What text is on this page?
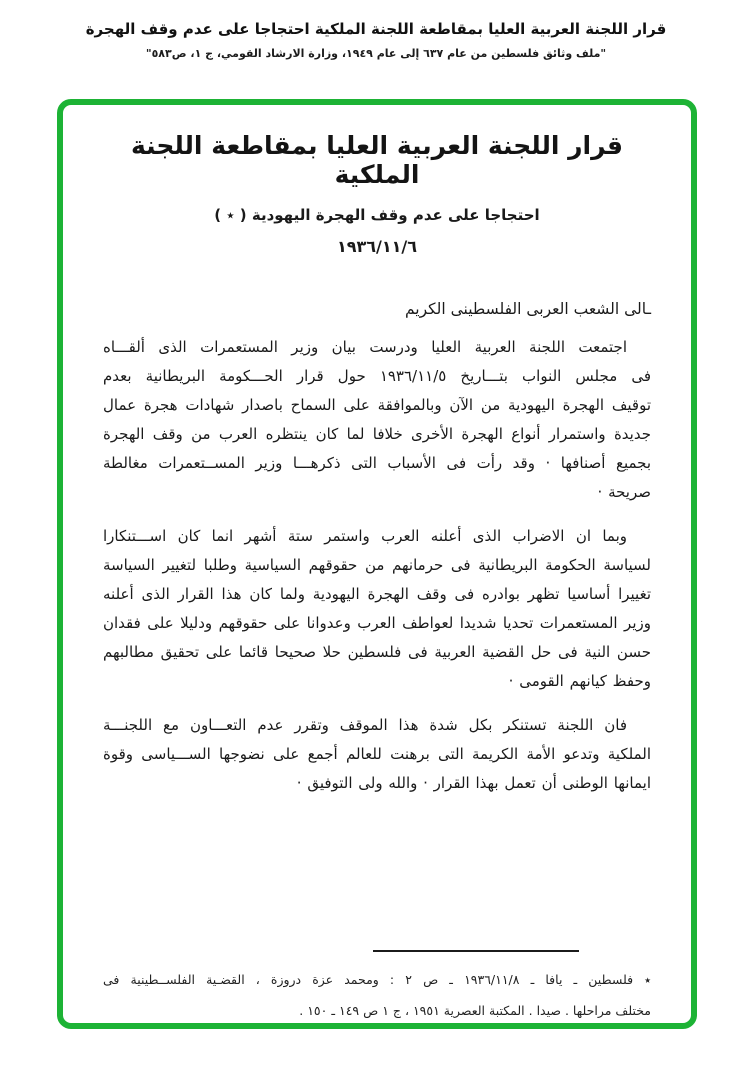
قرار اللجنة العربية العليا بمقاطعة اللجنة الملكية احتجاجا على عدم وقف الهجرة
"ملف وثائق فلسطين من عام ٦٣٧ إلى عام ١٩٤٩، وزارة الارشاد القومي، ج ١، ص٥٨٣"
قرار اللجنة العربية العليا بمقاطعة اللجنة الملكية
احتجاجا على عدم وقف الهجرة اليهودية ( ٭ )
١٩٣٦/١١/٦
ـالى الشعب العربى الفلسطينى الكريم
اجتمعت اللجنة العربية العليا ودرست بيان وزير المستعمرات الذى ألقـــاه
فى مجلس النواب بتـــاريخ ١٩٣٦/١١/٥ حول قرار الحـــكومة البريطانية بعدم
توقيف الهجرة اليهودية من الآن وبالموافقة على السماح باصدار شهادات هجرة عمال
جديدة واستمرار أنواع الهجرة الأخرى خلافا لما كان ينتظره العرب من وقف الهجرة
بجميع أصنافها · وقد رأت فى الأسباب التى ذكرهـــا وزير المســتعمرات مغالطة
صريحة ·
وبما ان الاضراب الذى أعلنه العرب واستمر ستة أشهر انما كان اســـتنكارا
لسياسة الحكومة البريطانية فى حرمانهم من حقوقهم السياسية وطلبا لتغيير السياسة
تغييرا أساسيا تظهر بوادره فى وقف الهجرة اليهودية ولما كان هذا القرار الذى أعلنه
وزير المستعمرات تحديا شديدا لعواطف العرب وعدوانا على حقوقهم ودليلا على فقدان
حسن النية فى حل القضية العربية فى فلسطين حلا صحيحا قائما على تحقيق مطالبهم
وحفظ كيانهم القومى ·
فان اللجنة تستنكر بكل شدة هذا الموقف وتقرر عدم التعـــاون مع اللجنـــة
الملكية وتدعو الأمة الكريمة التى برهنت للعالم أجمع على نضوجها الســـياسى وقوة
ايمانها الوطنى أن تعمل بهذا القرار · والله ولى التوفيق ·
٭ فلسطين ـ يافا ـ ١٩٣٦/١١/٨ ـ ص ٢ : ومحمد عزة دروزة ، القضـية الفلســطينية فى
مختلف مراحلها . صيدا . المكتبة العصرية ١٩٥١ ، ج ١ ص ١٤٩ ـ ١٥٠ .
